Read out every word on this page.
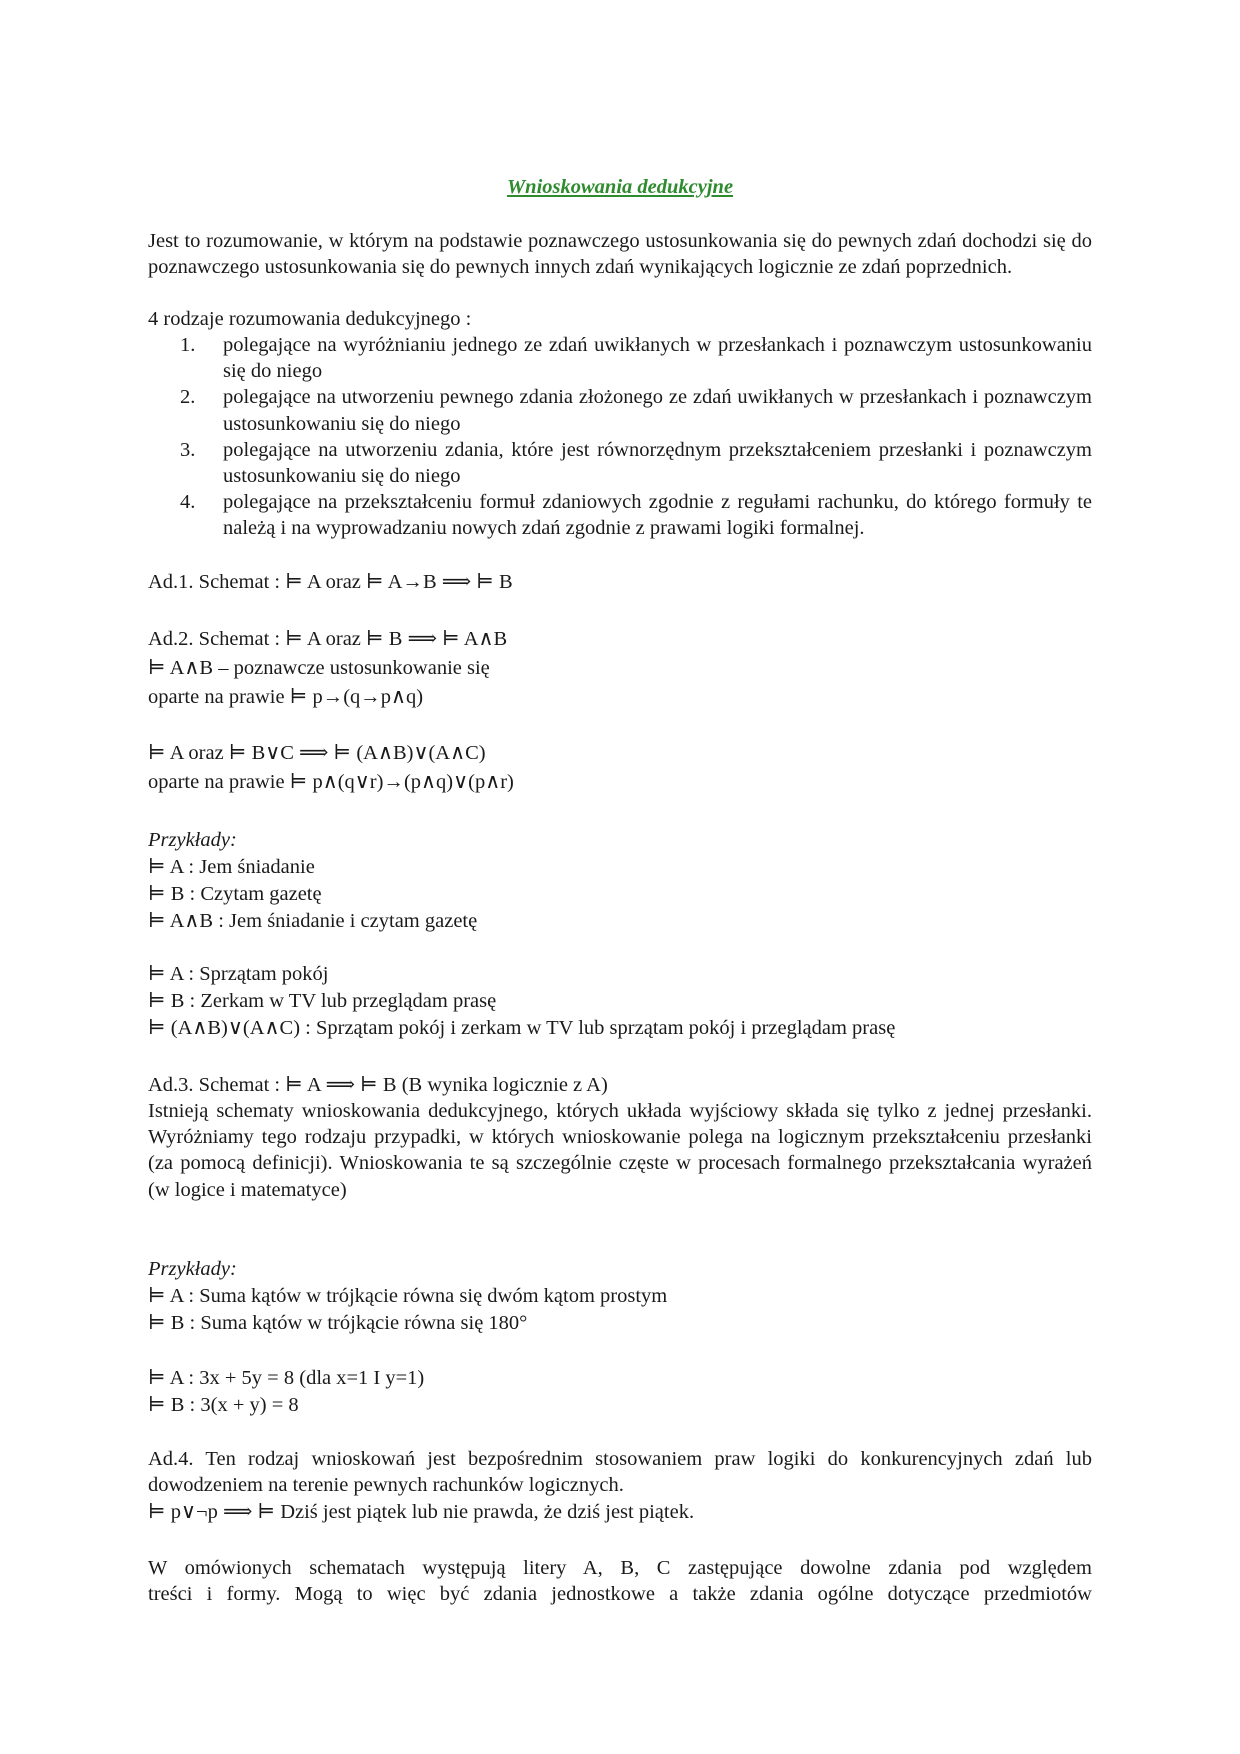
Wnioskowania dedukcyjne
Jest to rozumowanie, w którym na podstawie poznawczego ustosunkowania się do pewnych zdań dochodzi się do poznawczego ustosunkowania się do pewnych innych zdań wynikających logicznie ze zdań poprzednich.
4 rodzaje rozumowania dedukcyjnego :
1. polegające na wyróżnianiu jednego ze zdań uwikłanych w przesłankach i poznawczym ustosunkowaniu się do niego
2. polegające na utworzeniu pewnego zdania złożonego ze zdań uwikłanych w przesłankach i poznawczym ustosunkowaniu się do niego
3. polegające na utworzeniu zdania, które jest równorzędnym przekształceniem przesłanki i poznawczym ustosunkowaniu się do niego
4. polegające na przekształceniu formuł zdaniowych zgodnie z regułami rachunku, do którego formuły te należą i na wyprowadzaniu nowych zdań zgodnie z prawami logiki formalnej.
Ad.1. Schemat : ⊨ A oraz ⊨ A→B ⟹ ⊨ B
Ad.2. Schemat : ⊨ A oraz ⊨ B ⟹ ⊨ A∧B
⊨ A∧B – poznawcze ustosunkowanie się
oparte na prawie ⊨ p→(q→p∧q)
⊨ A oraz ⊨ B∨C ⟹ ⊨ (A∧B)∨(A∧C)
oparte na prawie ⊨ p∧(q∨r)→(p∧q)∨(p∧r)
Przykłady:
⊨ A : Jem śniadanie
⊨ B : Czytam gazetę
⊨ A∧B : Jem śniadanie i czytam gazetę
⊨ A : Sprzątam pokój
⊨ B : Zerkam w TV lub przeglądam prasę
⊨ (A∧B)∨(A∧C) : Sprzątam pokój i zerkam w TV lub sprzątam pokój i przeglądam prasę
Ad.3. Schemat : ⊨ A ⟹ ⊨ B (B wynika logicznie z A)
Istnieją schematy wnioskowania dedukcyjnego, których układa wyjściowy składa się tylko z jednej przesłanki. Wyróżniamy tego rodzaju przypadki, w których wnioskowanie polega na logicznym przekształceniu przesłanki (za pomocą definicji). Wnioskowania te są szczególnie częste w procesach formalnego przekształcania wyrażeń (w logice i matematyce)
Przykłady:
⊨ A : Suma kątów w trójkącie równa się dwóm kątom prostym
⊨ B : Suma kątów w trójkącie równa się 180°
⊨ A : 3x + 5y = 8 (dla x=1 I y=1)
⊨ B : 3(x + y) = 8
Ad.4. Ten rodzaj wnioskowań jest bezpośrednim stosowaniem praw logiki do konkurencyjnych zdań lub dowodzeniem na terenie pewnych rachunków logicznych.
⊨ p∨¬p ⟹ ⊨ Dziś jest piątek lub nie prawda, że dziś jest piątek.
W omówionych schematach występują litery A, B, C zastępujące dowolne zdania pod względem
treści i formy. Mogą to więc być zdania jednostkowe a także zdania ogólne dotyczące przedmiotów
